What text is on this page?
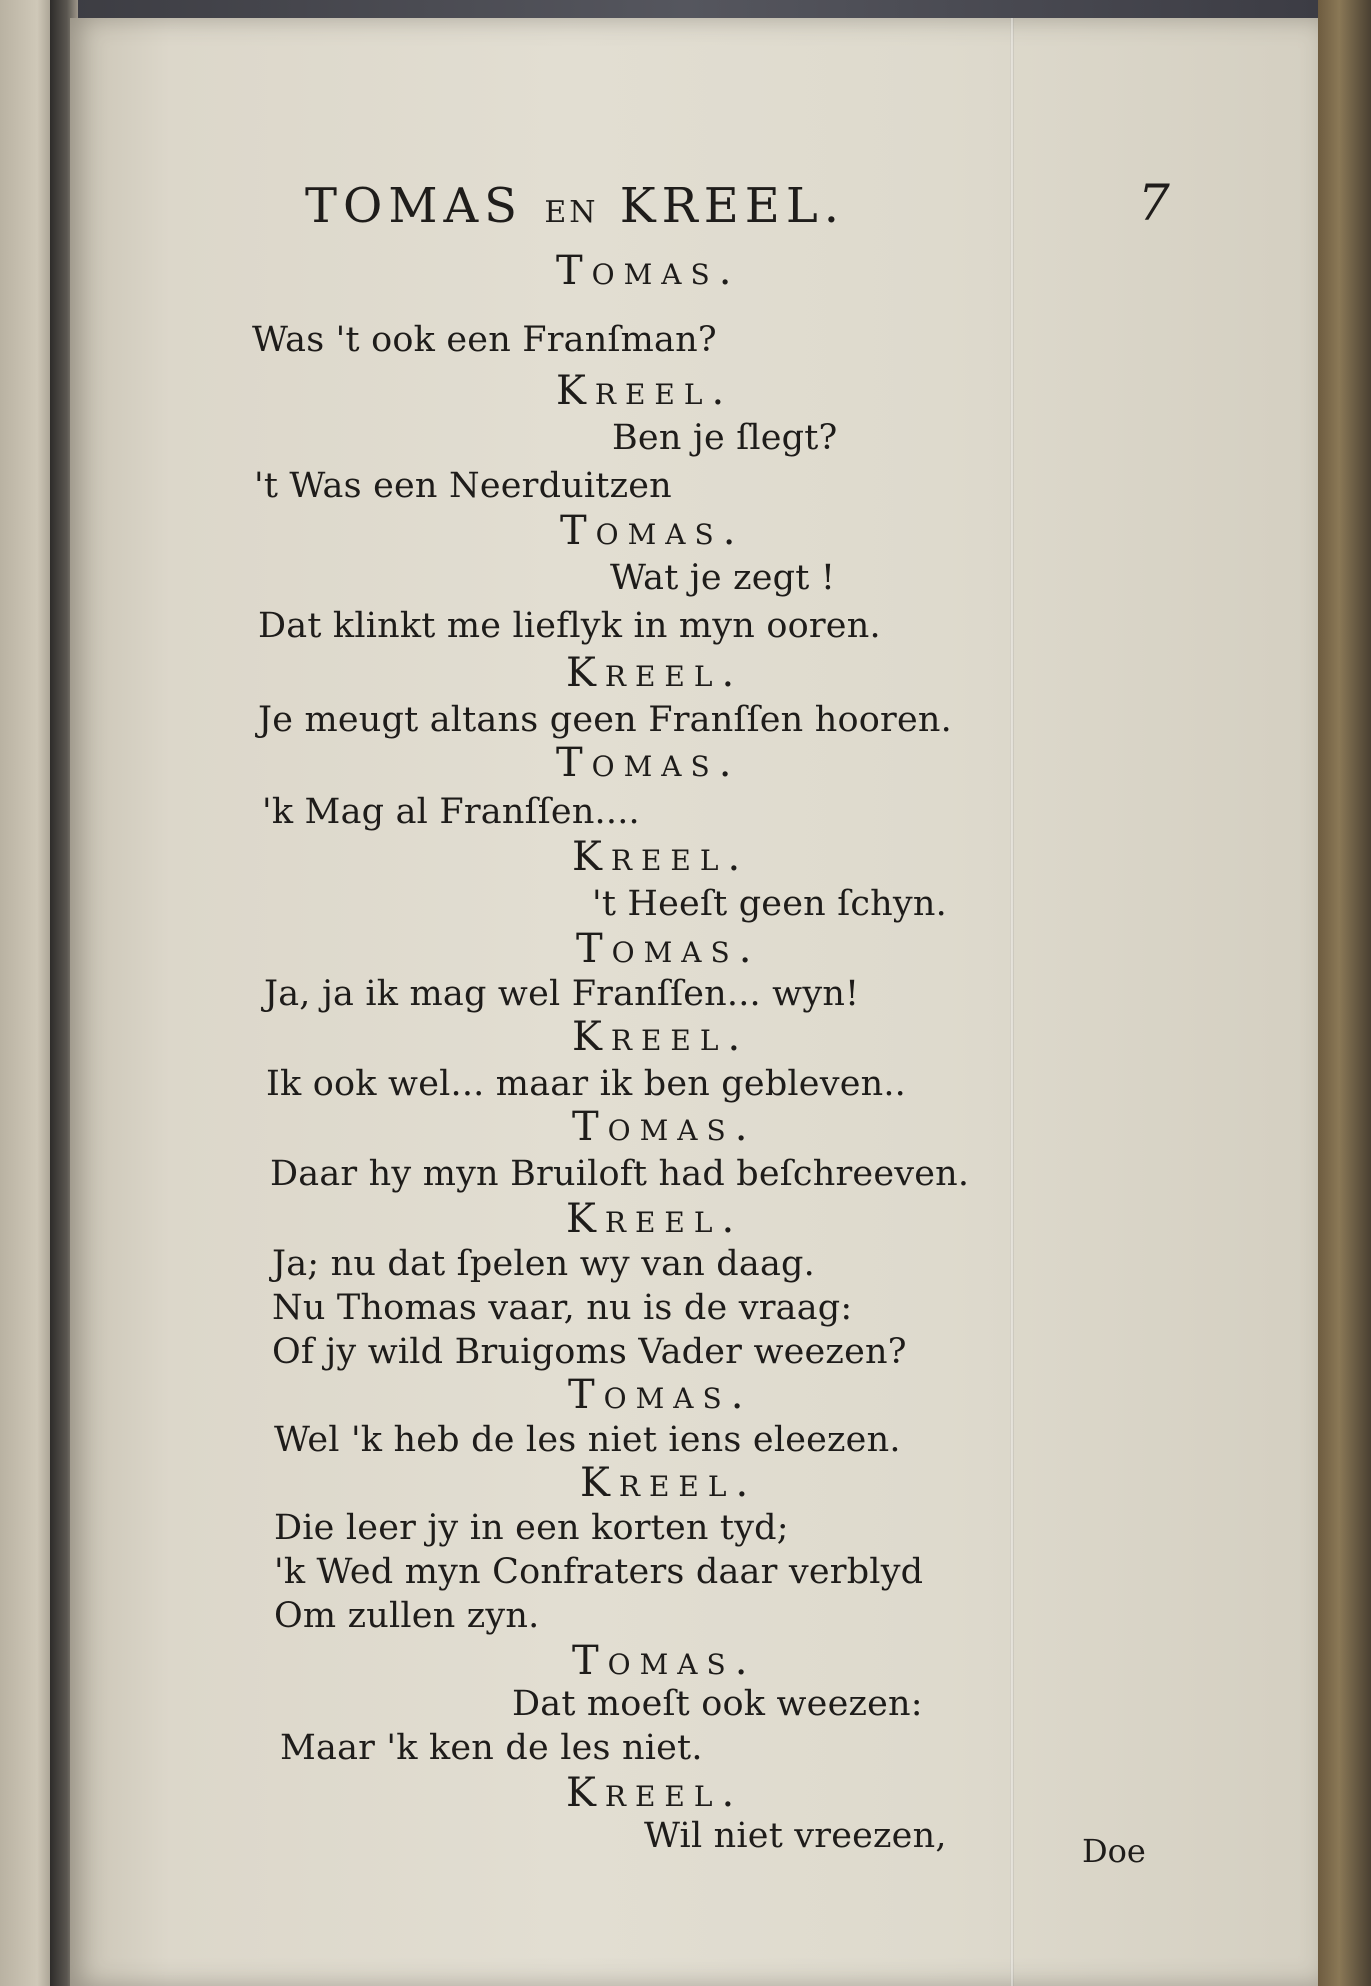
TOMAS EN KREEL.	7
Tomas.
Was 't ook een Franſman?
Kreel.
Ben je ſlegt?
't Was een Neerduitzen
Tomas.
Wat je zegt !
Dat klinkt me lieflyk in myn ooren.
Kreel.
Je meugt altans geen Franſſen hooren.
Tomas.
'k Mag al Franſſen....
Kreel.
't Heeſt geen ſchyn.
Tomas.
Ja, ja ik mag wel Franſſen... wyn!
Kreel.
Ik ook wel... maar ik ben gebleven..
Tomas.
Daar hy myn Bruiloft had beſchreeven.
Kreel.
Ja; nu dat ſpelen wy van daag.
Nu Thomas vaar, nu is de vraag:
Of jy wild Bruigoms Vader weezen?
Tomas.
Wel 'k heb de les niet iens eleezen.
Kreel.
Die leer jy in een korten tyd;
'k Wed myn Confraters daar verblyd
Om zullen zyn.
Tomas.
Dat moeſt ook weezen:
Maar 'k ken de les niet.
Kreel.
Wil niet vreezen,	Doe
